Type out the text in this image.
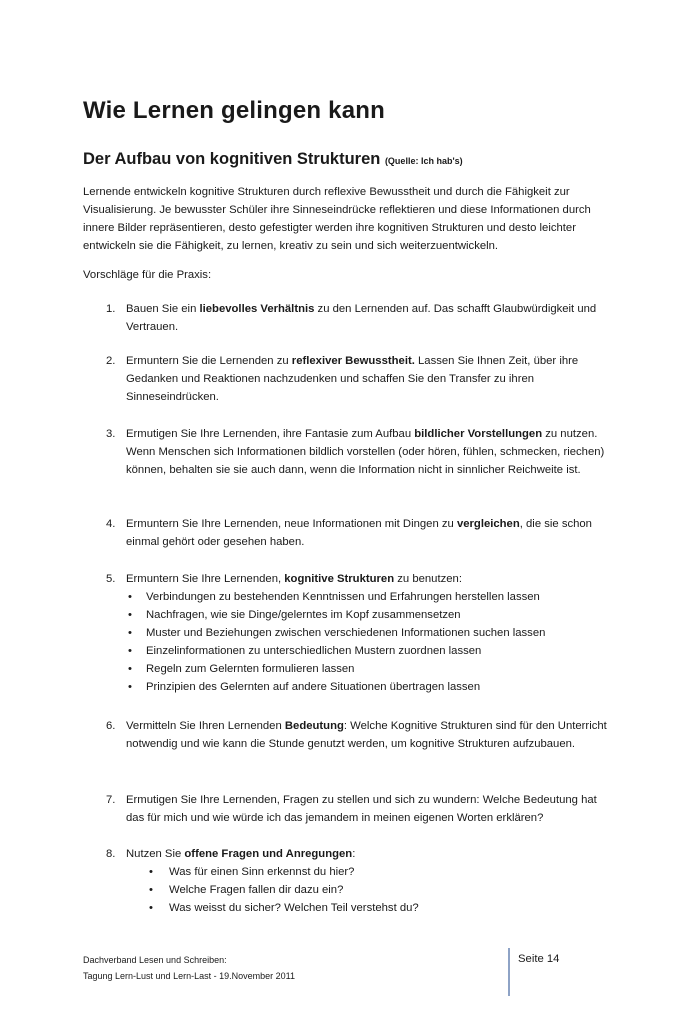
Wie Lernen gelingen kann
Der Aufbau von kognitiven Strukturen (Quelle: Ich hab's)

Lernende entwickeln kognitive Strukturen durch reflexive Bewusstheit und durch die Fähigkeit zur Visualisierung. Je bewusster Schüler ihre Sinneseindrücke reflektieren und diese Informationen durch innere Bilder repräsentieren, desto gefestigter werden ihre kognitiven Strukturen und desto leichter entwickeln sie die Fähigkeit, zu lernen, kreativ zu sein und sich weiterzuentwickeln.

Vorschläge für die Praxis:

1. Bauen Sie ein liebevolles Verhältnis zu den Lernenden auf. Das schafft Glaubwürdigkeit und Vertrauen.
2. Ermuntern Sie die Lernenden zu reflexiver Bewusstheit. Lassen Sie Ihnen Zeit, über ihre Gedanken und Reaktionen nachzudenken und schaffen Sie den Transfer zu ihren Sinneseindrücken.
3. Ermutigen Sie Ihre Lernenden, ihre Fantasie zum Aufbau bildlicher Vorstellungen zu nutzen. Wenn Menschen sich Informationen bildlich vorstellen (oder hören, fühlen, schmecken, riechen) können, behalten sie sie auch dann, wenn die Information nicht in sinnlicher Reichweite ist.
4. Ermuntern Sie Ihre Lernenden, neue Informationen mit Dingen zu vergleichen, die sie schon einmal gehört oder gesehen haben.
5. Ermuntern Sie Ihre Lernenden, kognitive Strukturen zu benutzen:
• Verbindungen zu bestehenden Kenntnissen und Erfahrungen herstellen lassen
• Nachfragen, wie sie Dinge/gelerntes im Kopf zusammensetzen
• Muster und Beziehungen zwischen verschiedenen Informationen suchen lassen
• Einzelinformationen zu unterschiedlichen Mustern zuordnen lassen
• Regeln zum Gelernten formulieren lassen
• Prinzipien des Gelernten auf andere Situationen übertragen lassen
6. Vermitteln Sie Ihren Lernenden Bedeutung: Welche Kognitive Strukturen sind für den Unterricht notwendig und wie kann die Stunde genutzt werden, um kognitive Strukturen aufzubauen.
7. Ermutigen Sie Ihre Lernenden, Fragen zu stellen und sich zu wundern: Welche Bedeutung hat das für mich und wie würde ich das jemandem in meinen eigenen Worten erklären?
8. Nutzen Sie offene Fragen und Anregungen:
• Was für einen Sinn erkennst du hier?
• Welche Fragen fallen dir dazu ein?
• Was weisst du sicher? Welchen Teil verstehst du?
Dachverband Lesen und Schreiben:
Tagung Lern-Lust und Lern-Last - 19.November 2011
Seite 14
